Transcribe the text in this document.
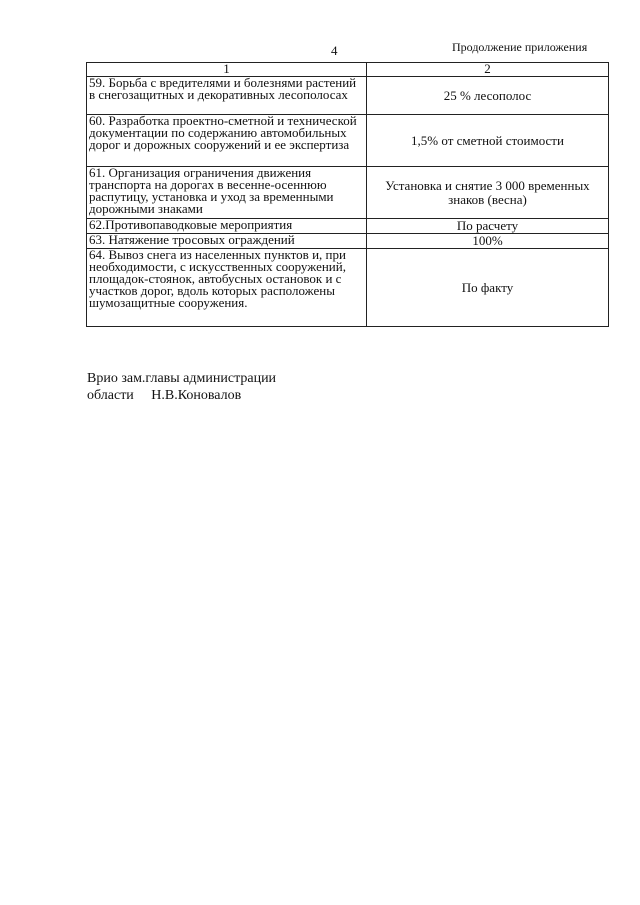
4	Продолжение приложения
1	2
59. Борьба с вредителями и болезнями растений в снегозащитных и декоративных лесополосах	25 % лесополос
60. Разработка проектно-сметной и технической документации по содержанию автомобильных дорог и дорожных сооружений и ее экспертиза	1,5% от сметной стоимости
61. Организация ограничения движения транспорта на дорогах в весенне-осеннюю распутицу, установка и уход за временными дорожными знаками	Установка и снятие 3 000 временных знаков (весна)
62.Противопаводковые мероприятия	По расчету
63. Натяжение тросовых ограждений	100%
64. Вывоз снега из населенных пунктов и, при необходимости, с искусственных сооружений, площадок-стоянок, автобусных остановок и с участков дорог, вдоль которых расположены шумозащитные сооружения.	По факту
Врио зам.главы администрации
области     Н.В.Коновалов
